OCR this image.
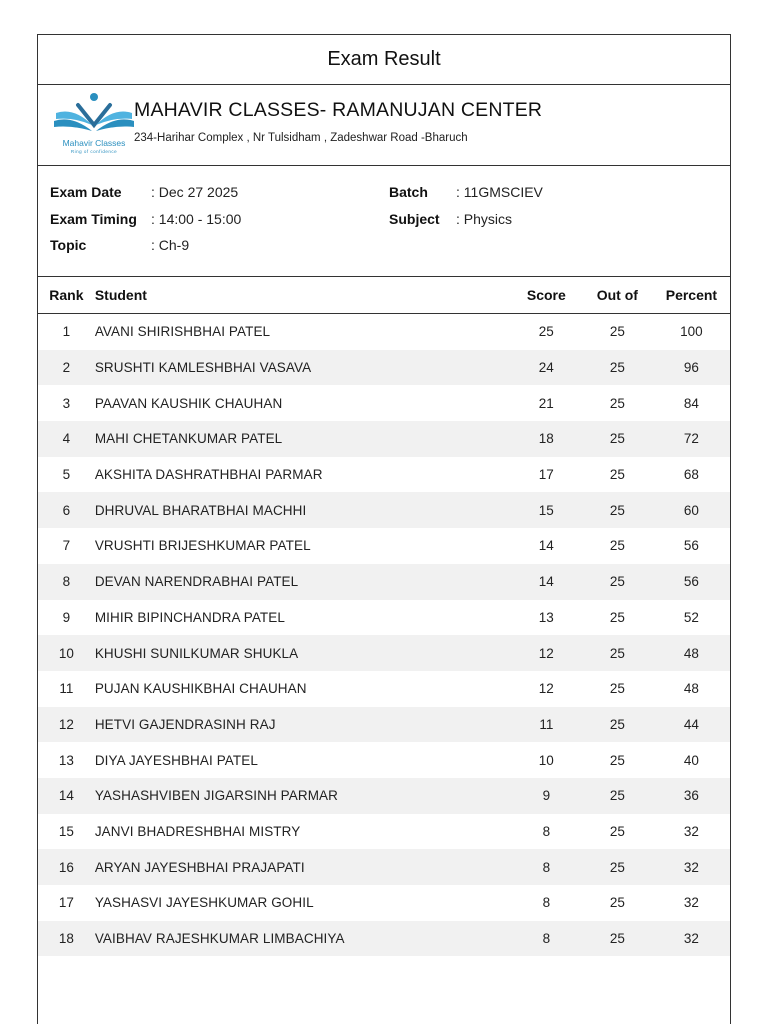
Exam Result
Mahavir Classes
Ring of confidence
MAHAVIR CLASSES- RAMANUJAN CENTER
234-Harihar Complex , Nr Tulsidham , Zadeshwar Road -Bharuch
Exam Date : Dec 27 2025
Exam Timing : 14:00 - 15:00
Topic	: Ch-9
Batch : 11GMSCIEV
Subject : Physics
Rank	Student	Score	Out of	Percent
1	AVANI SHIRISHBHAI PATEL	25	25	100
2	SRUSHTI KAMLESHBHAI VASAVA	24	25	96
3	PAAVAN KAUSHIK CHAUHAN	21	25	84
4	MAHI CHETANKUMAR PATEL	18	25	72
5	AKSHITA DASHRATHBHAI PARMAR	17	25	68
6	DHRUVAL BHARATBHAI MACHHI	15	25	60
7	VRUSHTI BRIJESHKUMAR PATEL	14	25	56
8	DEVAN NARENDRABHAI PATEL	14	25	56
9	MIHIR BIPINCHANDRA PATEL	13	25	52
10	KHUSHI SUNILKUMAR SHUKLA	12	25	48
11	PUJAN KAUSHIKBHAI CHAUHAN	12	25	48
12	HETVI GAJENDRASINH RAJ	11	25	44
13	DIYA JAYESHBHAI PATEL	10	25	40
14	YASHASHVIBEN JIGARSINH PARMAR	9	25	36
15	JANVI BHADRESHBHAI MISTRY	8	25	32
16	ARYAN JAYESHBHAI PRAJAPATI	8	25	32
17	YASHASVI JAYESHKUMAR GOHIL	8	25	32
18	VAIBHAV RAJESHKUMAR LIMBACHIYA	8	25	32
